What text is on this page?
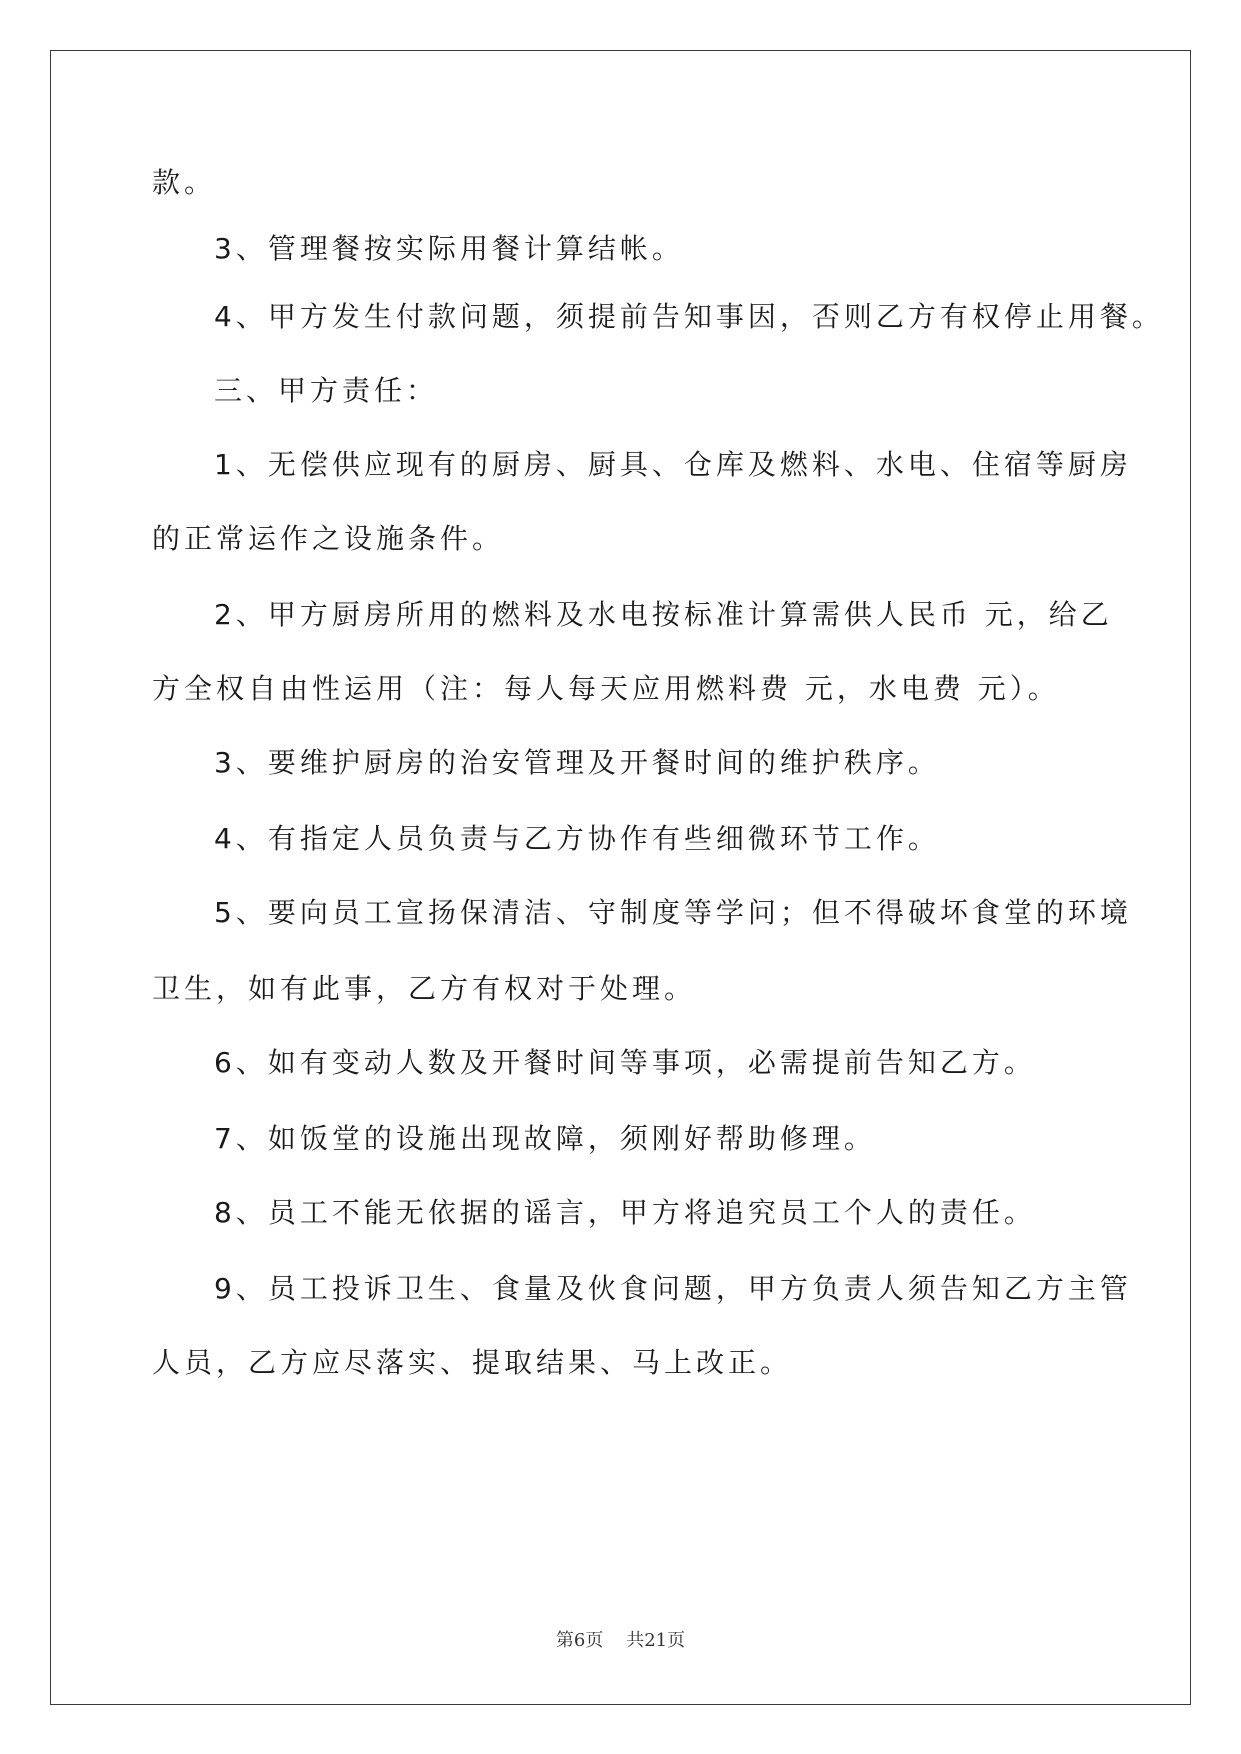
款。
3、管理餐按实际用餐计算结帐。
4、甲方发生付款问题，须提前告知事因，否则乙方有权停止用餐。
三、甲方责任：
1、无偿供应现有的厨房、厨具、仓库及燃料、水电、住宿等厨房
的正常运作之设施条件。
2、甲方厨房所用的燃料及水电按标准计算需供人民币 元，给乙
方全权自由性运用（注：每人每天应用燃料费 元，水电费 元）。
3、要维护厨房的治安管理及开餐时间的维护秩序。
4、有指定人员负责与乙方协作有些细微环节工作。
5、要向员工宣扬保清洁、守制度等学问；但不得破坏食堂的环境
卫生，如有此事，乙方有权对于处理。
6、如有变动人数及开餐时间等事项，必需提前告知乙方。
7、如饭堂的设施出现故障，须刚好帮助修理。
8、员工不能无依据的谣言，甲方将追究员工个人的责任。
9、员工投诉卫生、食量及伙食问题，甲方负责人须告知乙方主管
人员，乙方应尽落实、提取结果、马上改正。
第6页 共21页
